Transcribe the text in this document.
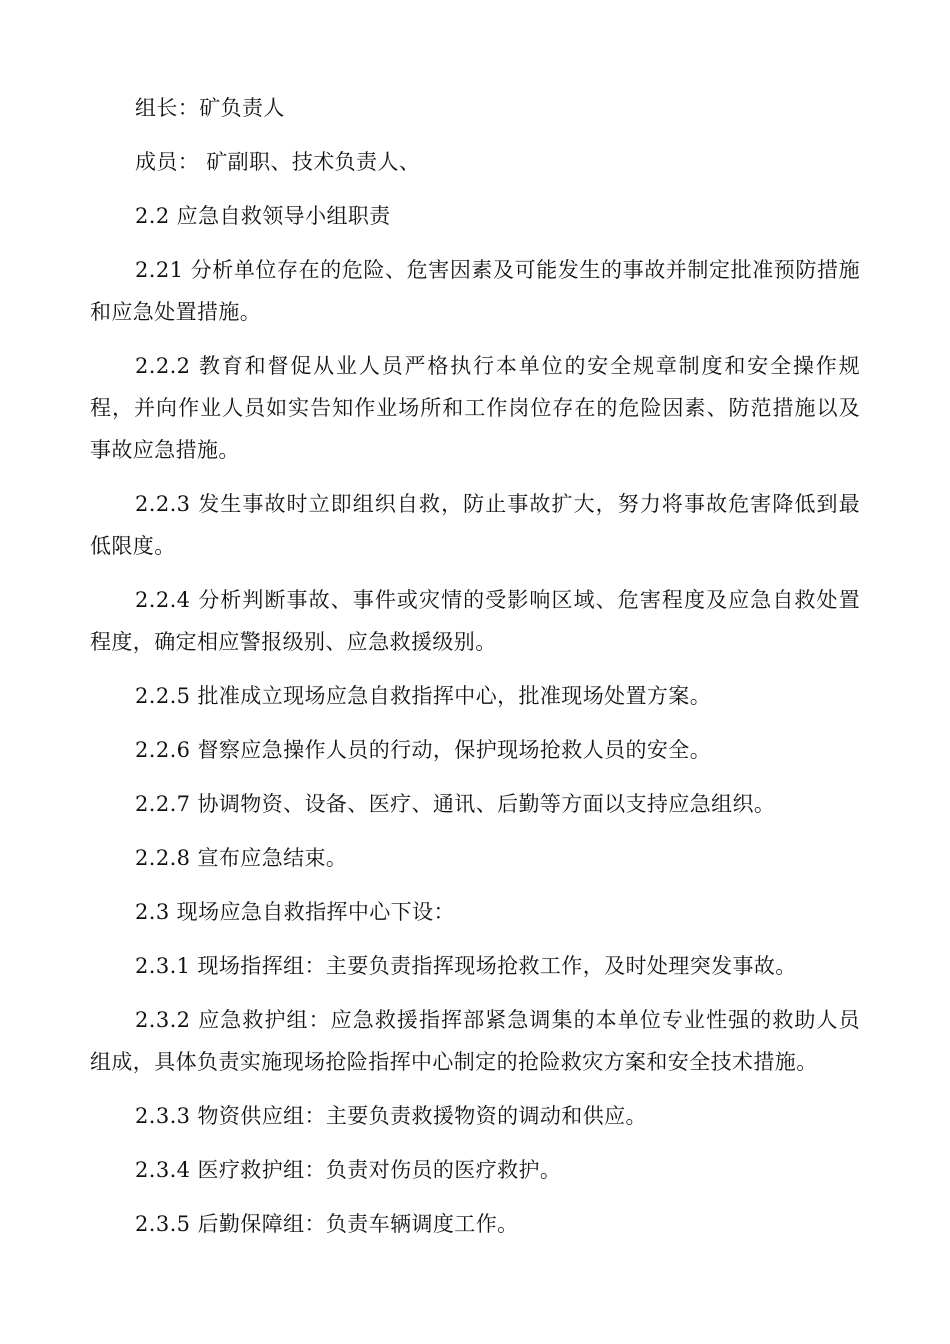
组长：矿负责人

成员： 矿副职、技术负责人、

2.2 应急自救领导小组职责

2.21 分析单位存在的危险、危害因素及可能发生的事故并制定批准预防措施和应急处置措施。

2.2.2 教育和督促从业人员严格执行本单位的安全规章制度和安全操作规程，并向作业人员如实告知作业场所和工作岗位存在的危险因素、防范措施以及事故应急措施。

2.2.3 发生事故时立即组织自救，防止事故扩大，努力将事故危害降低到最低限度。

2.2.4 分析判断事故、事件或灾情的受影响区域、危害程度及应急自救处置程度，确定相应警报级别、应急救援级别。

2.2.5 批准成立现场应急自救指挥中心，批准现场处置方案。

2.2.6 督察应急操作人员的行动，保护现场抢救人员的安全。

2.2.7 协调物资、设备、医疗、通讯、后勤等方面以支持应急组织。

2.2.8 宣布应急结束。

2.3 现场应急自救指挥中心下设：

2.3.1 现场指挥组：主要负责指挥现场抢救工作，及时处理突发事故。

2.3.2 应急救护组：应急救援指挥部紧急调集的本单位专业性强的救助人员组成，具体负责实施现场抢险指挥中心制定的抢险救灾方案和安全技术措施。

2.3.3 物资供应组：主要负责救援物资的调动和供应。

2.3.4 医疗救护组：负责对伤员的医疗救护。

2.3.5 后勤保障组：负责车辆调度工作。
